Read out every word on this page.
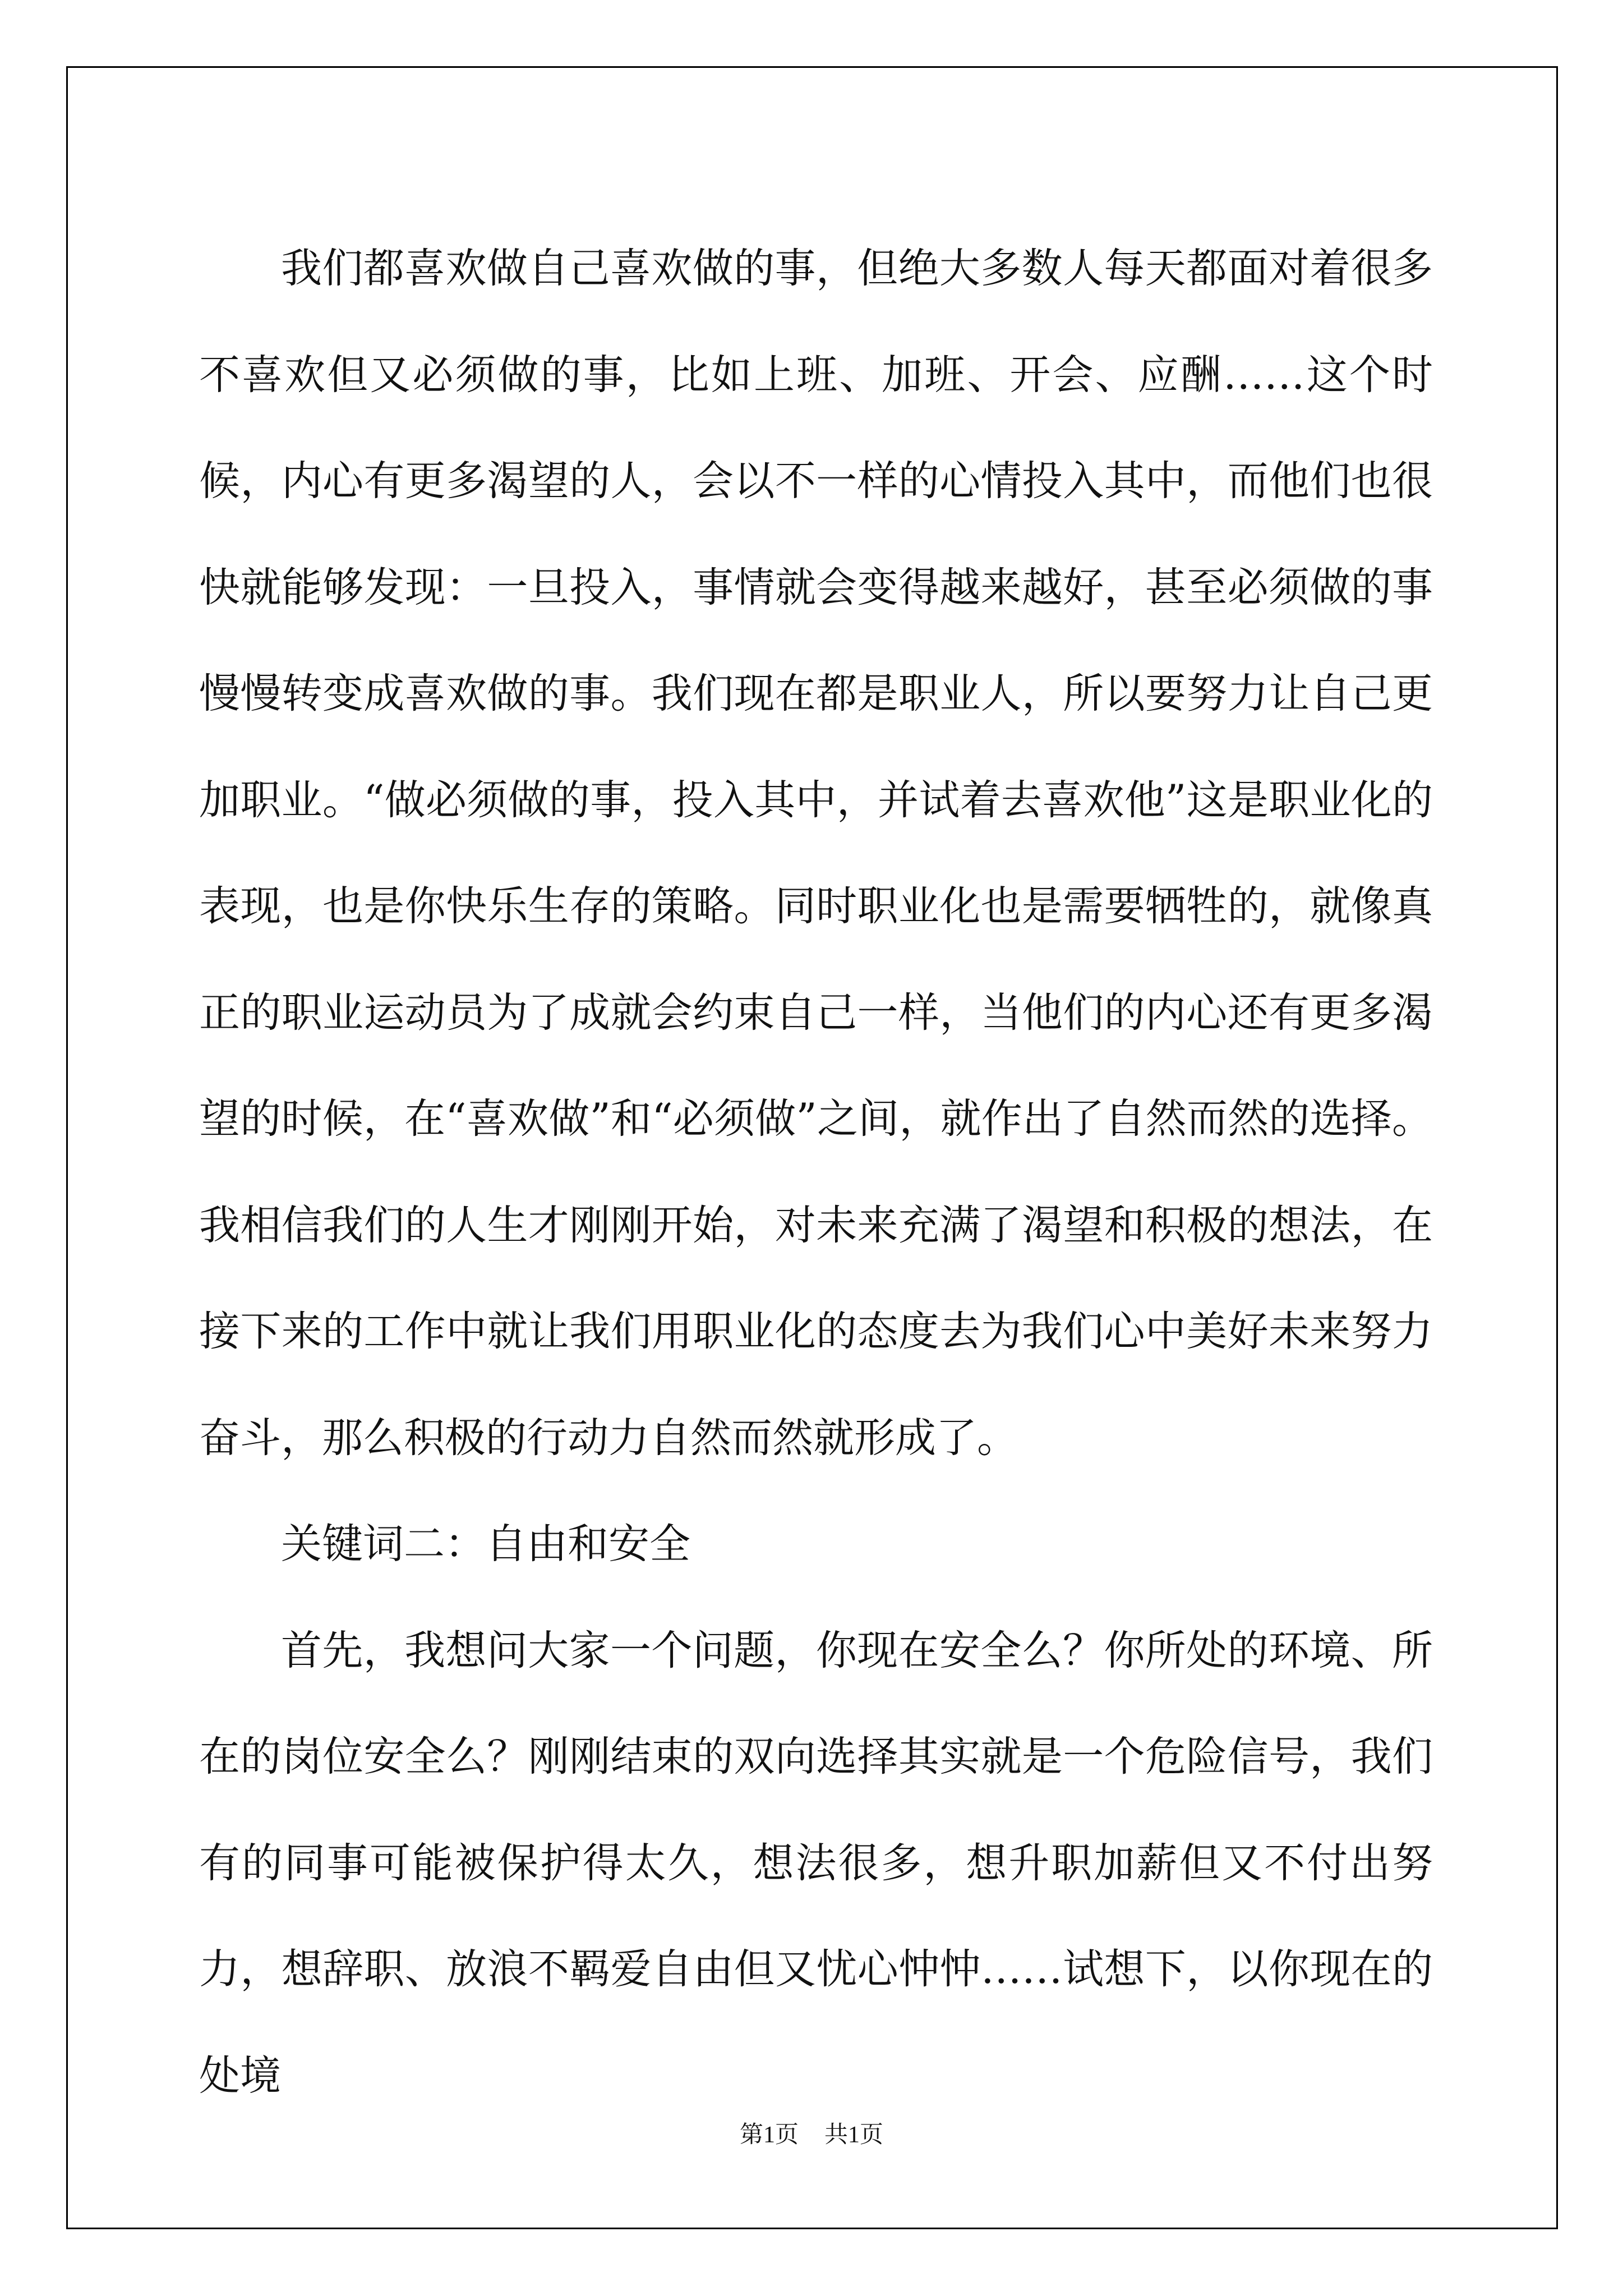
我们都喜欢做自己喜欢做的事，但绝大多数人每天都面对着很多不喜欢但又必须做的事，比如上班、加班、开会、应酬……这个时候，内心有更多渴望的人，会以不一样的心情投入其中，而他们也很快就能够发现：一旦投入，事情就会变得越来越好，甚至必须做的事慢慢转变成喜欢做的事。我们现在都是职业人，所以要努力让自己更加职业。“做必须做的事，投入其中，并试着去喜欢他”这是职业化的表现，也是你快乐生存的策略。同时职业化也是需要牺牲的，就像真正的职业运动员为了成就会约束自己一样，当他们的内心还有更多渴望的时候，在“喜欢做”和“必须做”之间，就作出了自然而然的选择。我相信我们的人生才刚刚开始，对未来充满了渴望和积极的想法，在接下来的工作中就让我们用职业化的态度去为我们心中美好未来努力奋斗，那么积极的行动力自然而然就形成了。

关键词二：自由和安全

首先，我想问大家一个问题，你现在安全么？你所处的环境、所在的岗位安全么？刚刚结束的双向选择其实就是一个危险信号，我们有的同事可能被保护得太久，想法很多，想升职加薪但又不付出努力，想辞职、放浪不羁爱自由但又忧心忡忡……试想下，以你现在的处境

第1页 共1页
